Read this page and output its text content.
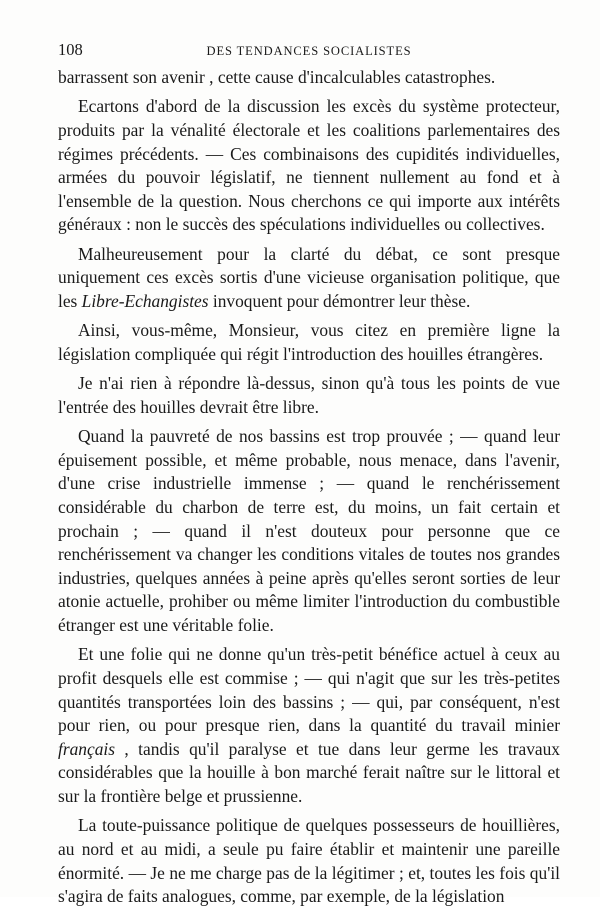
108	DES TENDANCES SOCIALISTES

barrassent son avenir , cette cause d'incalculables catastrophes.

Ecartons d'abord de la discussion les excès du système protecteur, produits par la vénalité électorale et les coalitions parlementaires des régimes précédents. — Ces combinaisons des cupidités individuelles, armées du pouvoir législatif, ne tiennent nullement au fond et à l'ensemble de la question. Nous cherchons ce qui importe aux intérêts généraux : non le succès des spéculations individuelles ou collectives.

Malheureusement pour la clarté du débat, ce sont presque uniquement ces excès sortis d'une vicieuse organisation politique, que les Libre-Echangistes invoquent pour démontrer leur thèse.

Ainsi, vous-même, Monsieur, vous citez en première ligne la législation compliquée qui régit l'introduction des houilles étrangères.

Je n'ai rien à répondre là-dessus, sinon qu'à tous les points de vue l'entrée des houilles devrait être libre.

Quand la pauvreté de nos bassins est trop prouvée ; — quand leur épuisement possible, et même probable, nous menace, dans l'avenir, d'une crise industrielle immense ; — quand le renchérissement considérable du charbon de terre est, du moins, un fait certain et prochain ; — quand il n'est douteux pour personne que ce renchérissement va changer les conditions vitales de toutes nos grandes industries, quelques années à peine après qu'elles seront sorties de leur atonie actuelle, prohiber ou même limiter l'introduction du combustible étranger est une véritable folie.

Et une folie qui ne donne qu'un très-petit bénéfice actuel à ceux au profit desquels elle est commise ; — qui n'agit que sur les très-petites quantités transportées loin des bassins ; — qui, par conséquent, n'est pour rien, ou pour presque rien, dans la quantité du travail minier français , tandis qu'il paralyse et tue dans leur germe les travaux considérables que la houille à bon marché ferait naître sur le littoral et sur la frontière belge et prussienne.

La toute-puissance politique de quelques possesseurs de houillières, au nord et au midi, a seule pu faire établir et maintenir une pareille énormité. — Je ne me charge pas de la légitimer ; et, toutes les fois qu'il s'agira de faits analogues, comme, par exemple, de la législation
